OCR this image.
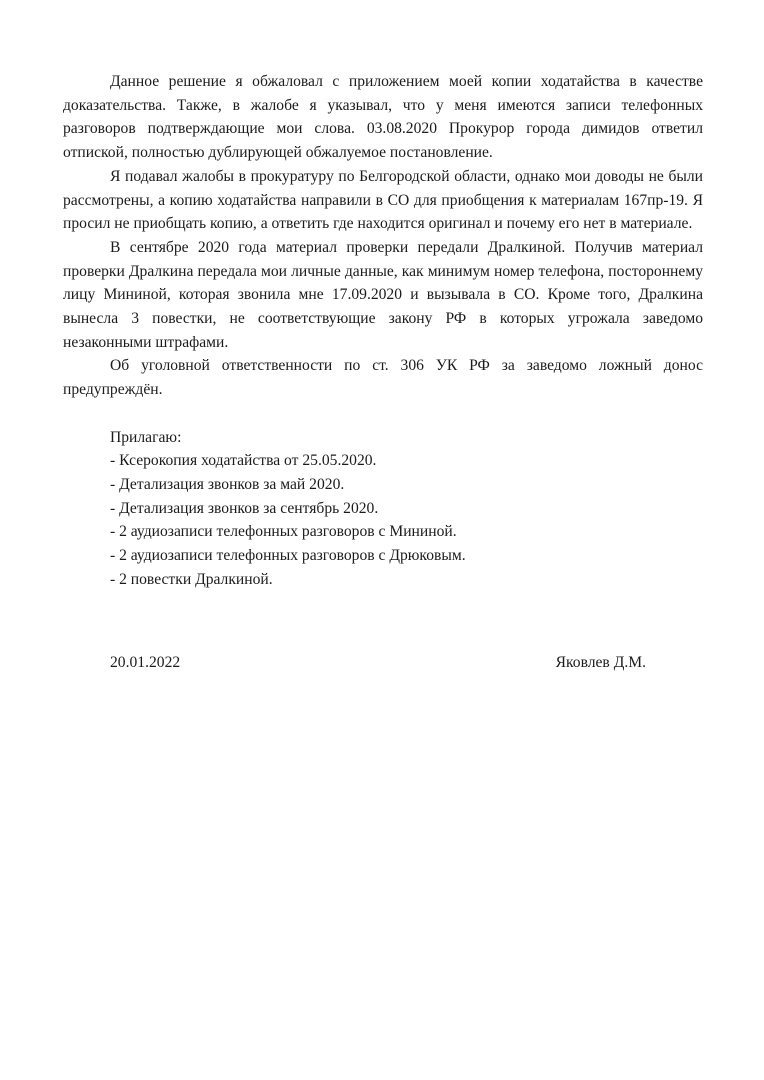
Данное решение я обжаловал с приложением моей копии ходатайства в качестве доказательства. Также, в жалобе я указывал, что у меня имеются записи телефонных разговоров подтверждающие мои слова. 03.08.2020 Прокурор города димидов ответил отпиской, полностью дублирующей обжалуемое постановление.

Я подавал жалобы в прокуратуру по Белгородской области, однако мои доводы не были рассмотрены, а копию ходатайства направили в СО для приобщения к материалам 167пр-19. Я просил не приобщать копию, а ответить где находится оригинал и почему его нет в материале.

В сентябре 2020 года материал проверки передали Дралкиной. Получив материал проверки Дралкина передала мои личные данные, как минимум номер телефона, постороннему лицу Мининой, которая звонила мне 17.09.2020 и вызывала в СО. Кроме того, Дралкина вынесла 3 повестки, не соответствующие закону РФ в которых угрожала заведомо незаконными штрафами.

Об уголовной ответственности по ст. 306 УК РФ за заведомо ложный донос предупреждён.

Прилагаю:

- Ксерокопия ходатайства от 25.05.2020.

- Детализация звонков за май 2020.

- Детализация звонков за сентябрь 2020.

- 2 аудиозаписи телефонных разговоров с Мининой.

- 2 аудиозаписи телефонных разговоров с Дрюковым.

- 2 повестки Дралкиной.

20.01.2022	Яковлев Д.М.
